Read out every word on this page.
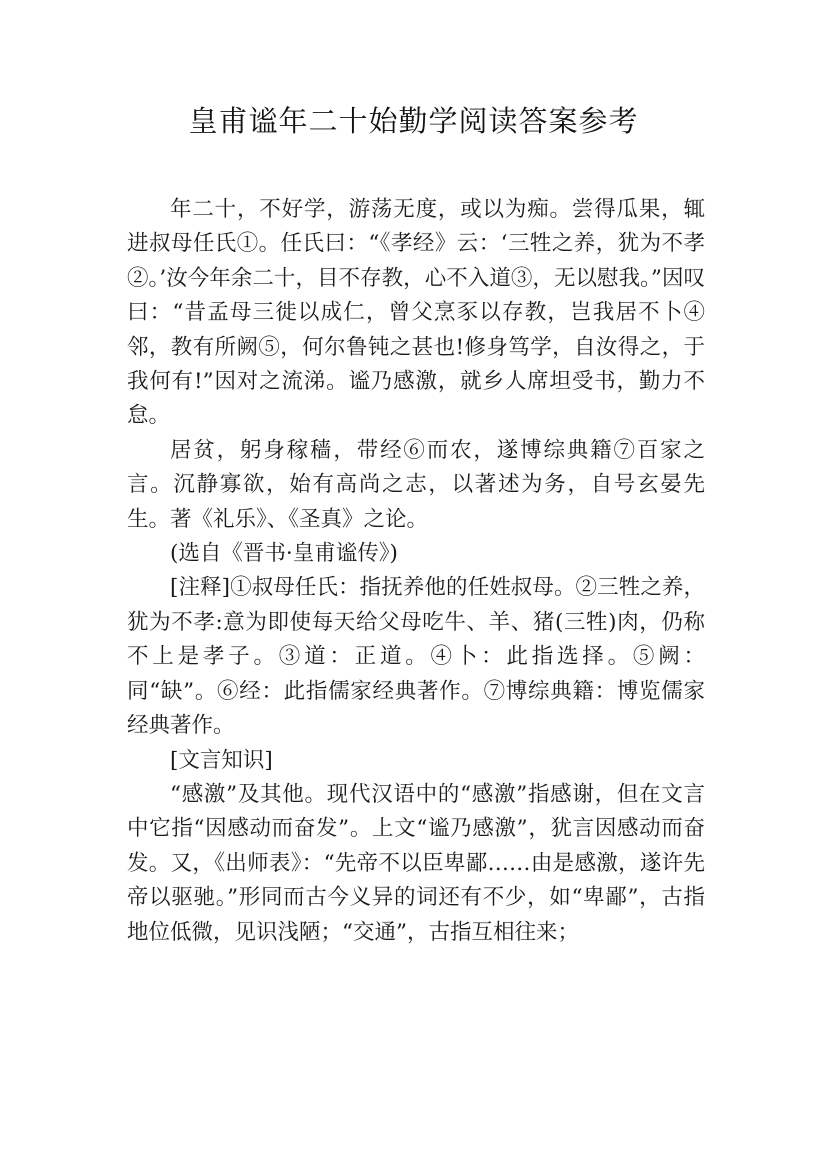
皇甫谧年二十始勤学阅读答案参考

年二十，不好学，游荡无度，或以为痴。尝得瓜果，辄进叔母任氏①。任氏曰：“《孝经》云：‘三牲之养，犹为不孝②。’汝今年余二十，目不存教，心不入道③，无以慰我。”因叹曰：“昔孟母三徙以成仁，曾父烹豕以存教，岂我居不卜④邻，教有所阙⑤，何尔鲁钝之甚也!修身笃学，自汝得之，于我何有!”因对之流涕。谧乃感激，就乡人席坦受书，勤力不怠。

居贫，躬身稼穑，带经⑥而农，遂博综典籍⑦百家之言。沉静寡欲，始有高尚之志，以著述为务，自号玄晏先生。著《礼乐》、《圣真》之论。

(选自《晋书·皇甫谧传》)

[注释]①叔母任氏：指抚养他的任姓叔母。②三牲之养，犹为不孝:意为即使每天给父母吃牛、羊、猪(三牲)肉，仍称不上是孝子。③道：正道。④卜：此指选择。⑤阙：同“缺”。⑥经：此指儒家经典著作。⑦博综典籍：博览儒家经典著作。

[文言知识]

“感激”及其他。现代汉语中的“感激”指感谢，但在文言中它指“因感动而奋发”。上文“谧乃感激”，犹言因感动而奋发。又，《出师表》：“先帝不以臣卑鄙……由是感激，遂许先帝以驱驰。”形同而古今义异的词还有不少，如“卑鄙”，古指地位低微，见识浅陋；“交通”，古指互相往来；
